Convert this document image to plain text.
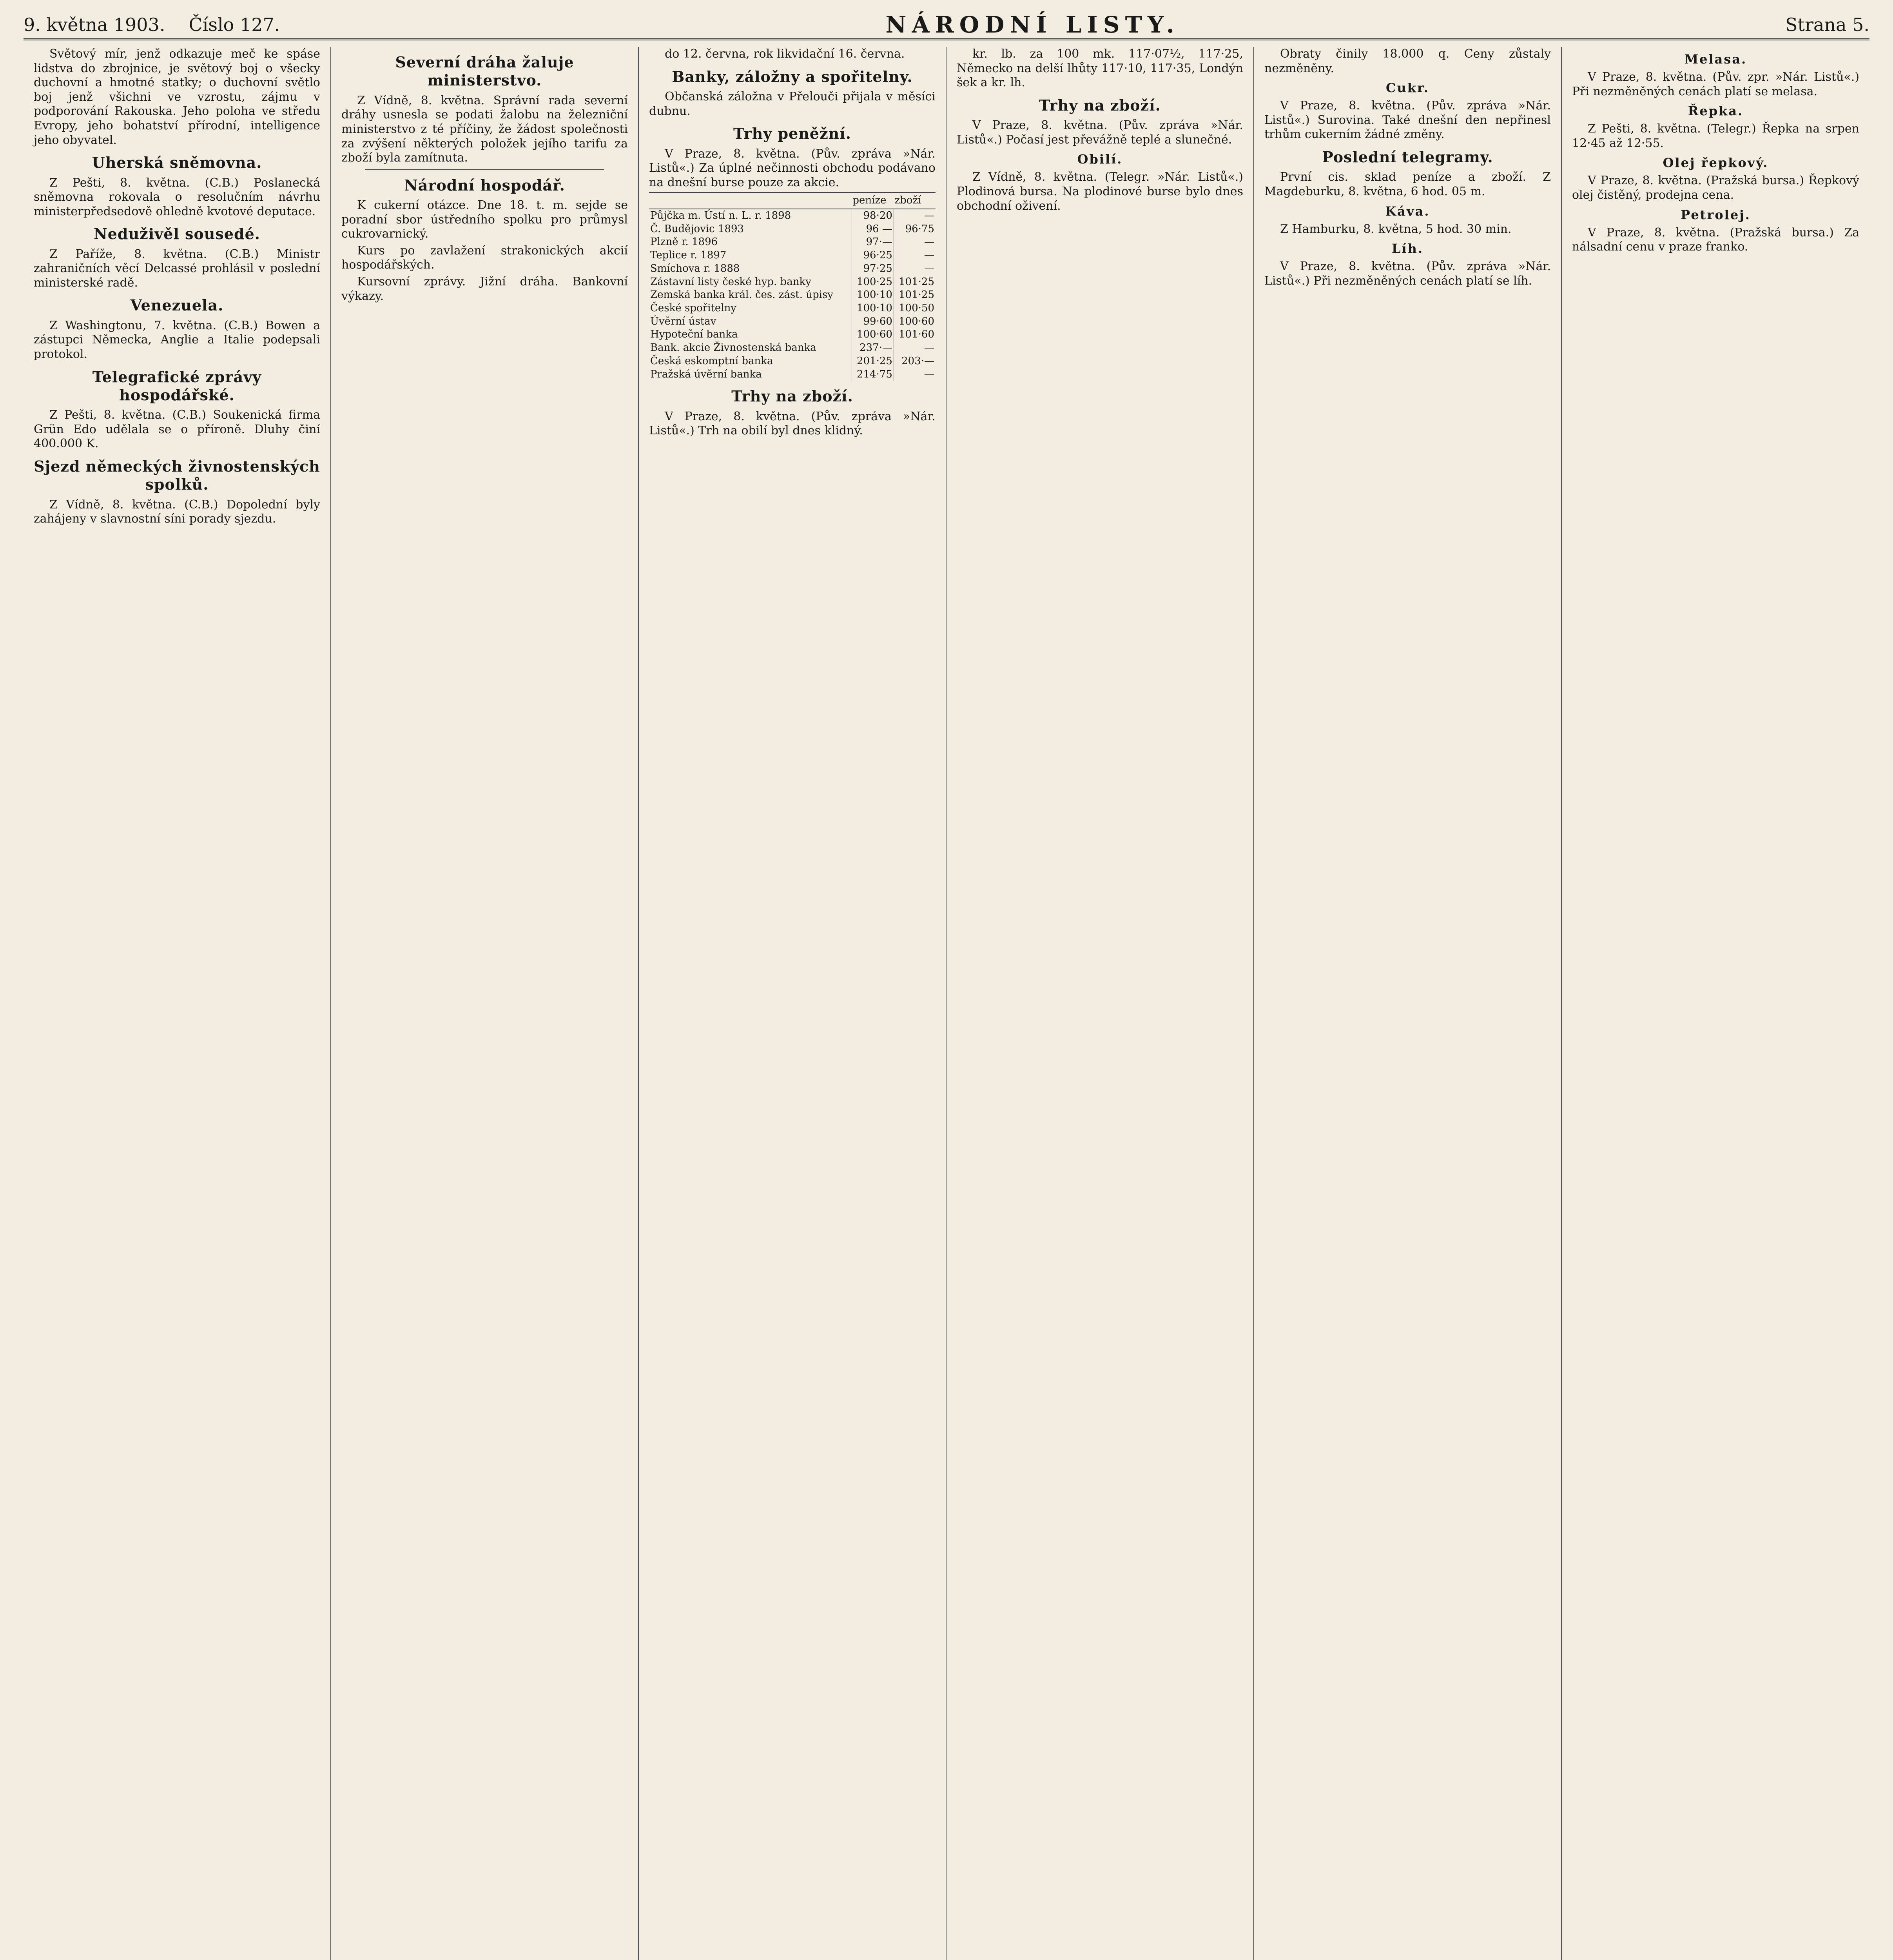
9. května 1903. Číslo 127.	NÁRODNÍ LISTY.	Strana 5.

Světový mír, jenž odkazuje meč ke spáse lidstva do zbrojnice, je světový boj o všecky duchovní a hmotné statky; o duchovní světlo boj jenž všichni ve vzrostu, zájmu v podporování Rakouska. Jeho poloha ve středu Evropy, jeho bohatství přírodní, intelligence jeho obyvatel.

Uherská sněmovna.

Z Pešti, 8. května. (C.B.) Poslanecká sněmovna rokovala o resolučním návrhu ministerpředsedově ohledně kvotové deputace.

Neduživěl sousedé.

Z Paříže, 8. května. (C.B.) Ministr zahraničních věcí Delcassé prohlásil v poslední ministerské radě.

Venezuela.

Z Washingtonu, 7. května. (C.B.) Bowen a zástupci Německa, Anglie a Italie podepsali protokol.

Telegrafické zprávy hospodářské.

Z Pešti, 8. května. (C.B.) Soukenická firma Grün Edo udělala se o příroně. Dluhy činí 400.000 K.

Sjezd německých živnostenských spolků.

Z Vídně, 8. května. (C.B.) Dopolední byly zahájeny v slavnostní síni porady sjezdu.

Severní dráha žaluje ministerstvo.

Z Vídně, 8. května. Správní rada severní dráhy usnesla se podati žalobu na železniční ministerstvo z té příčiny, že žádost společnosti za zvýšení některých položek jejího tarifu za zboží byla zamítnuta.

Národní hospodář.

K cukerní otázce. Dne 18. t. m. sejde se poradní sbor ústředního spolku pro průmysl cukrovarnický.

Kurs po zavlažení strakonických akcií hospodářských.

Kursovní zprávy. Jižní dráha. Bankovní výkazy.

do 12. června, rok likvidační 16. června.

Banky, záložny a spořitelny.

Občanská záložna v Přelouči přijala v měsíci dubnu.

Trhy peněžní.

V Praze, 8. května. (Pův. zpráva »Nár. Listů«.) Za úplné nečinnosti obchodu podávano na dnešní burse pouze za akcie.

	peníze	zboží
Půjčka m. Ústí n. L. r. 1898	98·20	—
Č. Budějovic 1893	96 —	96·75
Plzně r. 1896	97·—	—
Teplice r. 1897	96·25	—
Smíchova r. 1888	97·25	—
Zástavní listy české hyp. banky	100·25	101·25
Zemská banka král. čes. zást. úpisy	100·10	101·25
České spořitelny	100·10	100·50
Úvěrní ústav	99·60	100·60
Hypoteční banka	100·60	101·60
Bank. akcie Živnostenská banka	237·—	—
Česká eskomptní banka	201·25	203·—
Pražská úvěrní banka	214·75	—
Trhy na zboží.

V Praze, 8. května. (Pův. zpráva »Nár. Listů«.) Trh na obilí byl dnes klidný.

kr. lb. za 100 mk. 117·07½, 117·25, Německo na delší lhůty 117·10, 117·35, Londýn šek a kr. lh.

Trhy na zboží.

V Praze, 8. května. (Pův. zpráva »Nár. Listů«.) Počasí jest převážně teplé a slunečné.

Obilí.

Z Vídně, 8. května. (Telegr. »Nár. Listů«.) Plodinová bursa. Na plodinové burse bylo dnes obchodní oživení.

Obraty činily 18.000 q. Ceny zůstaly nezměněny.

Cukr.

V Praze, 8. května. (Pův. zpráva »Nár. Listů«.) Surovina. Také dnešní den nepřinesl trhům cukerním žádné změny.

Poslední telegramy.

První cis. sklad peníze a zboží. Z Magdeburku, 8. května, 6 hod. 05 m.

Káva.

Z Hamburku, 8. května, 5 hod. 30 min.

Líh.

V Praze, 8. května. (Pův. zpráva »Nár. Listů«.) Při nezměněných cenách platí se líh.

Melasa.

V Praze, 8. května. (Pův. zpr. »Nár. Listů«.) Při nezměněných cenách platí se melasa.

Řepka.

Z Pešti, 8. května. (Telegr.) Řepka na srpen 12·45 až 12·55.

Olej řepkový.

V Praze, 8. května. (Pražská bursa.) Řepkový olej čistěný, prodejna cena.

Petrolej.

V Praze, 8. května. (Pražská bursa.) Za nálsadní cenu v praze franko.
